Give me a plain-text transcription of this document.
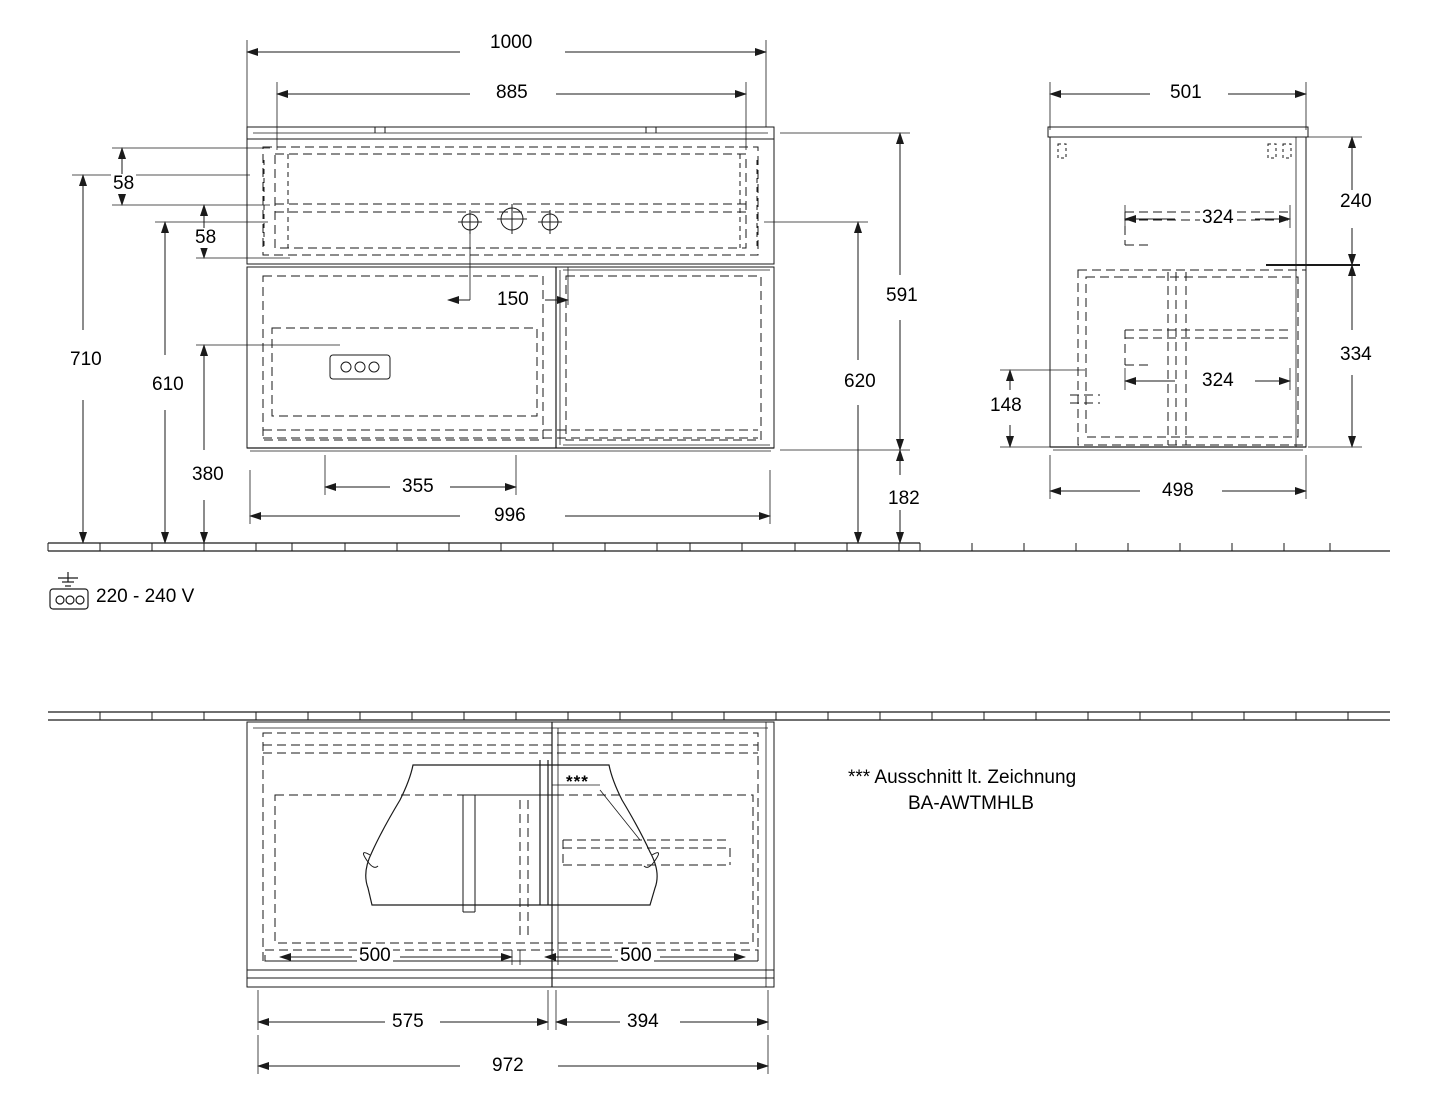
1000
885
58
58
150
710
610
380
355
996
591
620
182
501
324
324
240
334
148
498
500	500
575	394
972
***
220 - 240 V
*** Ausschnitt lt. Zeichnung
BA-AWTMHLB
